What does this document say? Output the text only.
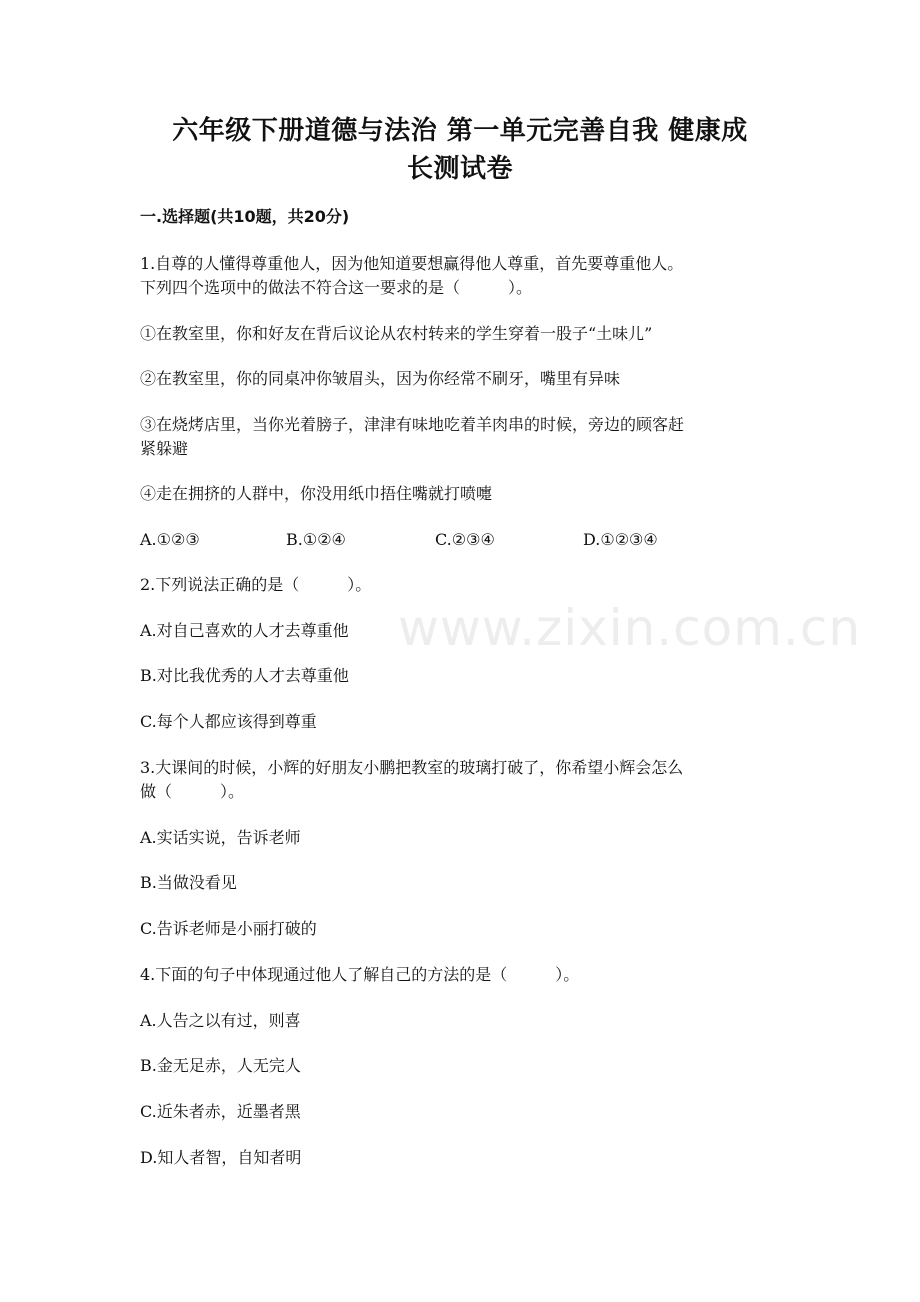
六年级下册道德与法治 第一单元完善自我 健康成
长测试卷
一.选择题(共10题，共20分)
1.自尊的人懂得尊重他人，因为他知道要想赢得他人尊重，首先要尊重他人。
下列四个选项中的做法不符合这一要求的是（　　　）。
①在教室里，你和好友在背后议论从农村转来的学生穿着一股子“土味儿”
②在教室里，你的同桌冲你皱眉头，因为你经常不刷牙，嘴里有异味
③在烧烤店里，当你光着膀子，津津有味地吃着羊肉串的时候，旁边的顾客赶
紧躲避
④走在拥挤的人群中，你没用纸巾捂住嘴就打喷嚏
A.①②③	B.①②④	C.②③④	D.①②③④
2.下列说法正确的是（　　　）。
A.对自己喜欢的人才去尊重他
B.对比我优秀的人才去尊重他
C.每个人都应该得到尊重
3.大课间的时候，小辉的好朋友小鹏把教室的玻璃打破了，你希望小辉会怎么
做（　　　）。
A.实话实说，告诉老师
B.当做没看见
C.告诉老师是小丽打破的
4.下面的句子中体现通过他人了解自己的方法的是（　　　）。
A.人告之以有过，则喜
B.金无足赤，人无完人
C.近朱者赤，近墨者黑
D.知人者智，自知者明
www.zixin.com.cn
